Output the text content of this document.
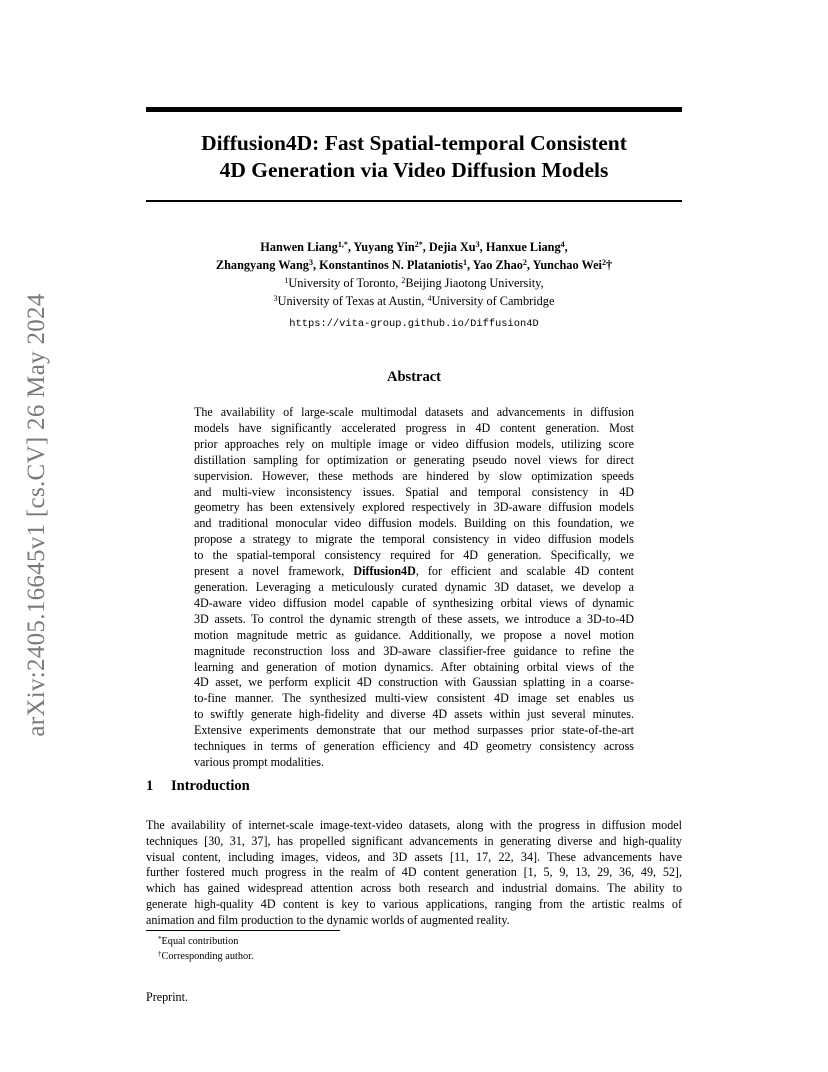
arXiv:2405.16645v1 [cs.CV] 26 May 2024
Diffusion4D: Fast Spatial-temporal Consistent
4D Generation via Video Diffusion Models
Hanwen Liang$^{1,*}$, Yuyang Yin$^{2*}$, Dejia Xu$^3$, Hanxue Liang$^4$,
Zhangyang Wang$^3$, Konstantinos N. Plataniotis$^1$, Yao Zhao$^2$, Yunchao Wei$^2$†
$^1$University of Toronto, $^2$Beijing Jiaotong University,
$^3$University of Texas at Austin, $^4$University of Cambridge
https://vita-group.github.io/Diffusion4D
Abstract
The availability of large-scale multimodal datasets and advancements in diffusion
models have significantly accelerated progress in 4D content generation. Most
prior approaches rely on multiple image or video diffusion models, utilizing score
distillation sampling for optimization or generating pseudo novel views for direct
supervision. However, these methods are hindered by slow optimization speeds
and multi-view inconsistency issues. Spatial and temporal consistency in 4D
geometry has been extensively explored respectively in 3D-aware diffusion models
and traditional monocular video diffusion models. Building on this foundation, we
propose a strategy to migrate the temporal consistency in video diffusion models
to the spatial-temporal consistency required for 4D generation. Specifically, we
present a novel framework, Diffusion4D, for efficient and scalable 4D content
generation. Leveraging a meticulously curated dynamic 3D dataset, we develop a
4D-aware video diffusion model capable of synthesizing orbital views of dynamic
3D assets. To control the dynamic strength of these assets, we introduce a 3D-to-4D
motion magnitude metric as guidance. Additionally, we propose a novel motion
magnitude reconstruction loss and 3D-aware classifier-free guidance to refine the
learning and generation of motion dynamics. After obtaining orbital views of the
4D asset, we perform explicit 4D construction with Gaussian splatting in a coarse-
to-fine manner. The synthesized multi-view consistent 4D image set enables us
to swiftly generate high-fidelity and diverse 4D assets within just several minutes.
Extensive experiments demonstrate that our method surpasses prior state-of-the-art
techniques in terms of generation efficiency and 4D geometry consistency across
various prompt modalities.
1 Introduction
The availability of internet-scale image-text-video datasets, along with the progress in diffusion model
techniques [30, 31, 37], has propelled significant advancements in generating diverse and high-quality
visual content, including images, videos, and 3D assets [11, 17, 22, 34]. These advancements have
further fostered much progress in the realm of 4D content generation [1, 5, 9, 13, 29, 36, 49, 52],
which has gained widespread attention across both research and industrial domains. The ability to
generate high-quality 4D content is key to various applications, ranging from the artistic realms of
animation and film production to the dynamic worlds of augmented reality.
*Equal contribution
†Corresponding author.
Preprint.
